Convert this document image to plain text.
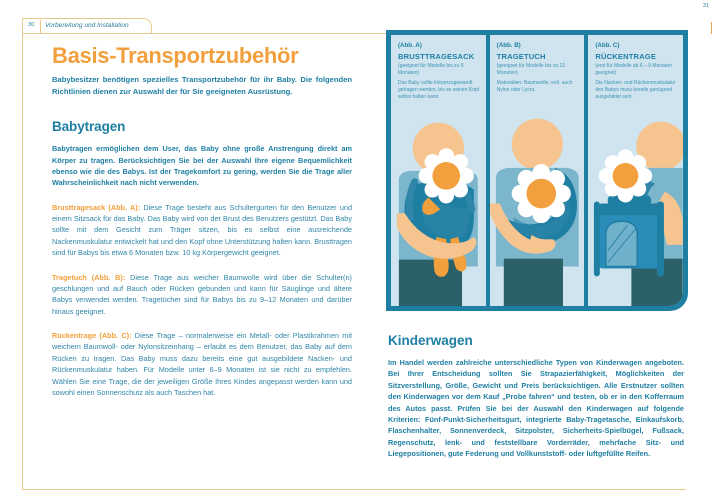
30 Vorbereitung und Installation
31
Basis-Transportzubehör

Babybesitzer benötigen spezielles Transportzubehör für ihr Baby. Die folgenden Richtlinien dienen zur Auswahl der für Sie geeigneten Ausrüstung.

Babytragen

Babytragen ermöglichen dem User, das Baby ohne große Anstrengung direkt am Körper zu tragen. Berücksichtigen Sie bei der Auswahl Ihre eigene Bequemlichkeit ebenso wie die des Babys. Ist der Tragekomfort zu gering, werden Sie die Trage aller Wahrscheinlichkeit nach nicht verwenden.

Brusttragesack (Abb. A): Diese Trage besteht aus Schultergurten für den Benutzer und einem Sitzsack für das Baby. Das Baby wird von der Brust des Benutzers gestützt. Das Baby sollte mit dem Gesicht zum Träger sitzen, bis es selbst eine ausreichende Nackenmuskulatur entwickelt hat und den Kopf ohne Unterstützung halten kann. Brusttragen sind für Babys bis etwa 6 Monaten bzw. 10 kg Körpergewicht geeignet.

Tragetuch (Abb. B): Diese Trage aus weicher Baumwolle wird über die Schulter(n) geschlungen und auf Bauch oder Rücken gebunden und kann für Säuglinge und ältere Babys verwendet werden. Tragetücher sind für Babys bis zu 9–12 Monaten und darüber hinaus geeignet.

Rückentrage (Abb. C): Diese Trage – normalerweise ein Metall- oder Plastikrahmen mit weichem Baumwoll- oder Nylonsitzeinhang – erlaubt es dem Benutzer, das Baby auf dem Rücken zu tragen. Das Baby muss dazu bereits eine gut ausgebildete Nacken- und Rückenmuskulatur haben. Für Modelle unter 6–9 Monaten ist sie nicht zu empfehlen. Wählen Sie eine Trage, die der jeweiligen Größe Ihres Kindes angepasst werden kann und sowohl einen Sonnenschutz als auch Taschen hat.

(Abb. A)
BRUSTTRAGESACK
(geeignet für Modelle bis zu 6 Monaten)
Das Baby sollte körperzugewandt getragen werden, bis es seinen Kopf selbst halten kann.
(Abb. B)
TRAGETUCH
(geeignet für Modelle bis zu 12 Monaten)
Materialien: Baumwolle, evtl. auch Nylon oder Lycra.
(Abb. C)
RÜCKENTRAGE
(erst für Modelle ab 6 – 9 Monaten geeignet)
Die Nacken- und Rückenmuskulatur des Babys muss bereits genügend ausgebildet sein.
Kinderwagen

Im Handel werden zahlreiche unterschiedliche Typen von Kinderwagen angeboten. Bei Ihrer Entscheidung sollten Sie Strapazierfähigkeit, Möglichkeiten der Sitzverstellung, Größe, Gewicht und Preis berücksichtigen. Alle Erstnutzer sollten den Kinderwagen vor dem Kauf „Probe fahren“ und testen, ob er in den Kofferraum des Autos passt. Prüfen Sie bei der Auswahl den Kinderwagen auf folgende Kriterien: Fünf-Punkt-Sicherheitsgurt, integrierte Baby-Tragetasche, Einkaufskorb, Flaschenhalter, Sonnenverdeck, Sitzpolster, Sicherheits-Spielbügel, Fußsack, Regenschutz, lenk- und feststellbare Vorderräder, mehrfache Sitz- und Liegepositionen, gute Federung und Vollkunststoff- oder luftgefüllte Reifen.
